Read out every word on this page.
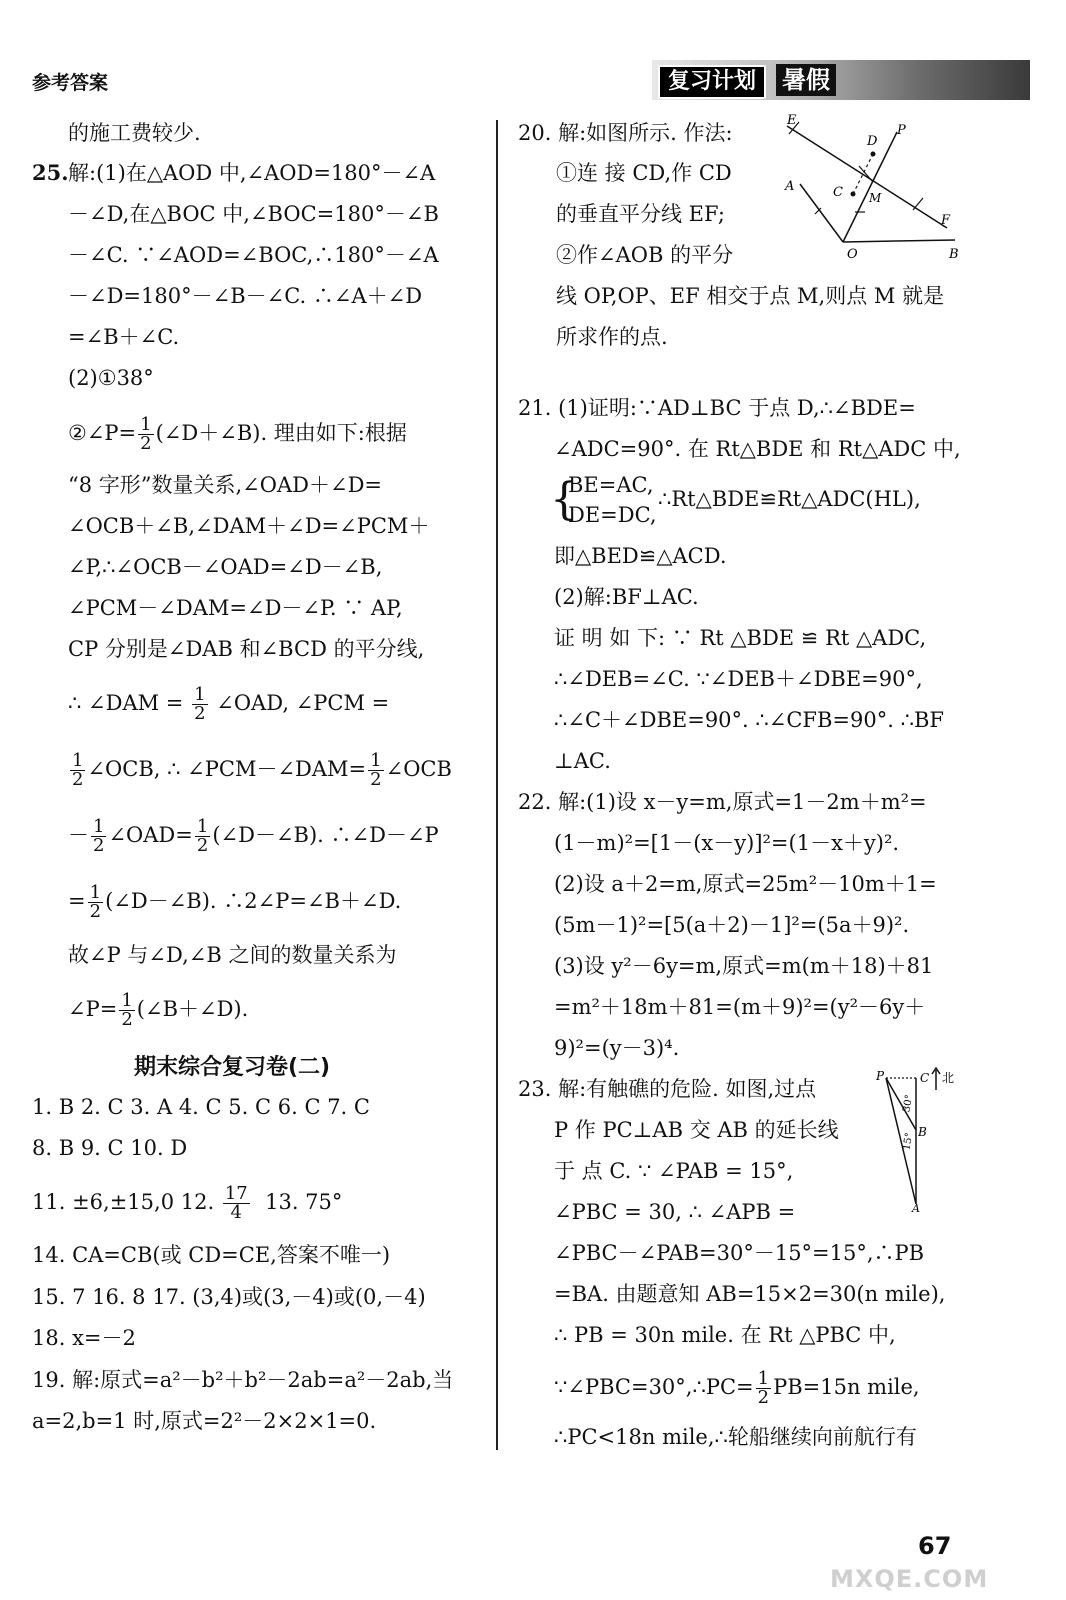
参考答案	复习计划	暑假
的施工费较少.
25. 解:(1)在△AOD 中,∠AOD=180°－∠A
－∠D,在△BOC 中,∠BOC=180°－∠B
－∠C. ∵∠AOD=∠BOC,∴180°－∠A
－∠D=180°－∠B－∠C. ∴∠A＋∠D
=∠B＋∠C.
(2)①38°
②∠P= $\frac{1}{2}$ (∠D＋∠B). 理由如下:根据
“8 字形”数量关系,∠OAD＋∠D=
∠OCB＋∠B,∠DAM＋∠D=∠PCM＋
∠P,∴∠OCB－∠OAD=∠D－∠B,
∠PCM－∠DAM=∠D－∠P. ∵ AP,
CP 分别是∠DAB 和∠BCD 的平分线,
∴ ∠DAM = $\frac{1}{2}$ ∠OAD, ∠PCM =
$\frac{1}{2}$ ∠OCB, ∴ ∠PCM－∠DAM= $\frac{1}{2}$ ∠OCB
－ $\frac{1}{2}$ ∠OAD= $\frac{1}{2}$ (∠D－∠B). ∴∠D－∠P
= $\frac{1}{2}$ (∠D－∠B). ∴2∠P=∠B＋∠D.
故∠P 与∠D,∠B 之间的数量关系为
∠P= $\frac{1}{2}$ (∠B＋∠D).
期末综合复习卷(二)
1. B 2. C 3. A 4. C 5. C 6. C 7. C
8. B 9. C 10. D
11. ±6,±15,0 12. $\frac{17}{4} 13$. 75°
14. CA=CB(或 CD=CE,答案不唯一)
15. 7 16. 8 17. (3,4)或(3,－4)或(0,－4)
18. x=－2
19. 解:原式=a²－b²＋b²－2ab=a²－2ab,当
a=2,b=1 时,原式=2²－2×2×1=0.
20. 解:如图所示. 作法:
①连 接 CD,作 CD
的垂直平分线 EF;
②作∠AOB 的平分
线 OP,OP、EF 相交于点 M,则点 M 就是
所求作的点.
E
D
P
C M
A
F
O	B
21. (1)证明:∵AD⊥BC 于点 D,∴∠BDE=
∠ADC=90°. 在 Rt△BDE 和 Rt△ADC 中,
{
BE=AC,
DE=DC,
∴Rt△BDE≌Rt△ADC(HL),
即△BED≌△ACD.
(2)解:BF⊥AC.
证 明 如 下: ∵ Rt △BDE ≌ Rt △ADC,
∴∠DEB=∠C. ∵∠DEB＋∠DBE=90°,
∴∠C＋∠DBE=90°. ∴∠CFB=90°. ∴BF
⊥AC.
22. 解:(1)设 x－y=m,原式=1－2m＋m²=
(1－m)²=[1－(x－y)]²=(1－x＋y)².
(2)设 a＋2=m,原式=25m²－10m＋1=
(5m－1)²=[5(a＋2)－1]²=(5a＋9)².
(3)设 y²－6y=m,原式=m(m＋18)＋81
=m²＋18m＋81=(m＋9)²=(y²－6y＋
9)²=(y－3)⁴.
23. 解:有触礁的危险. 如图,过点
P 作 PC⊥AB 交 AB 的延长线
于 点 C. ∵ ∠PAB = 15°,
∠PBC = 30, ∴ ∠APB =
P	C 北
B
A
30°
15°
∠PBC－∠PAB=30°－15°=15°,∴PB
=BA. 由题意知 AB=15×2=30(n mile),
∴ PB = 30n mile. 在 Rt △PBC 中,
∵∠PBC=30°,∴PC= $\frac{1}{2} PB=15n$ mile,
∴PC<18n mile,∴轮船继续向前航行有
67
MXQE.COM
